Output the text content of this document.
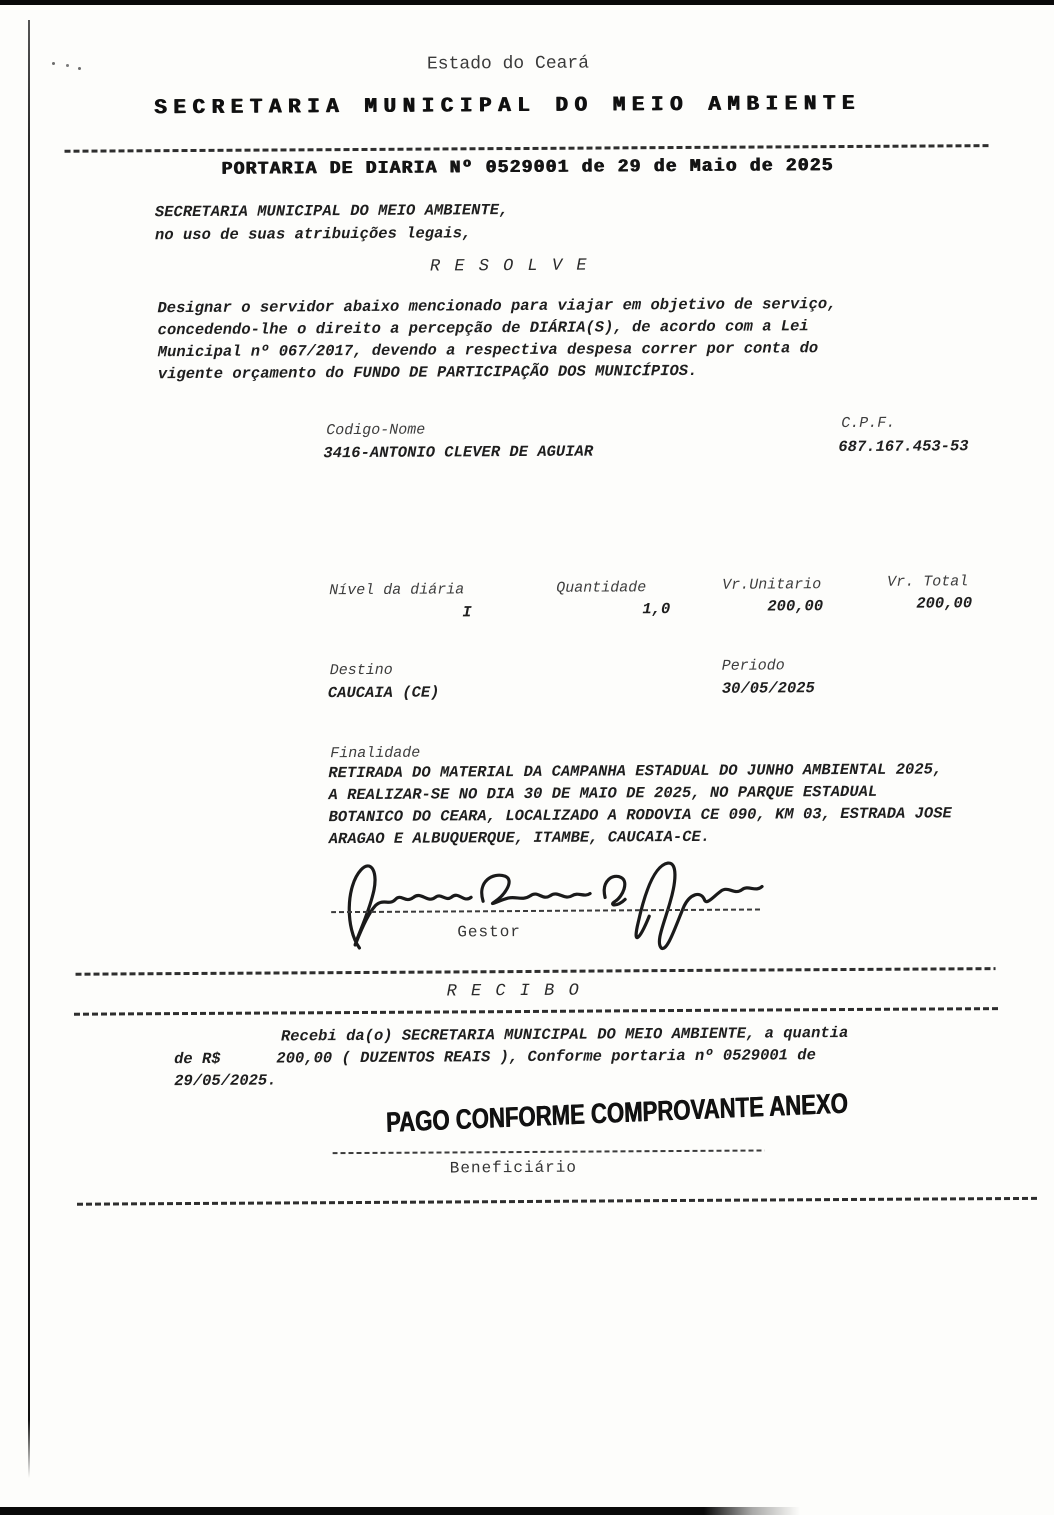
Estado do Ceará
SECRETARIA MUNICIPAL DO MEIO AMBIENTE
PORTARIA DE DIARIA Nº 0529001 de 29 de Maio de 2025
SECRETARIA MUNICIPAL DO MEIO AMBIENTE,
no uso de suas atribuições legais,
R E S O L V E
Designar o servidor abaixo mencionado para viajar em objetivo de serviço,
concedendo-lhe o direito a percepção de DIÁRIA(S), de acordo com a Lei
Municipal nº 067/2017, devendo a respectiva despesa correr por conta do
vigente orçamento do FUNDO DE PARTICIPAÇÃO DOS MUNICÍPIOS.
Codigo-Nome	C.P.F.
3416-ANTONIO CLEVER DE AGUIAR	687.167.453-53
Nível da diária	Quantidade	Vr.Unitario	Vr. Total
I	1,0	200,00	200,00
Destino	Periodo
CAUCAIA (CE)	30/05/2025
Finalidade
RETIRADA DO MATERIAL DA CAMPANHA ESTADUAL DO JUNHO AMBIENTAL 2025,
A REALIZAR-SE NO DIA 30 DE MAIO DE 2025, NO PARQUE ESTADUAL
BOTANICO DO CEARA, LOCALIZADO A RODOVIA CE 090, KM 03, ESTRADA JOSE
ARAGAO E ALBUQUERQUE, ITAMBE, CAUCAIA-CE.
Gestor
R E C I B O
Recebi da(o) SECRETARIA MUNICIPAL DO MEIO AMBIENTE, a quantia
de R$      200,00 ( DUZENTOS REAIS ), Conforme portaria nº 0529001 de
29/05/2025.
PAGO CONFORME COMPROVANTE ANEXO
Beneficiário
